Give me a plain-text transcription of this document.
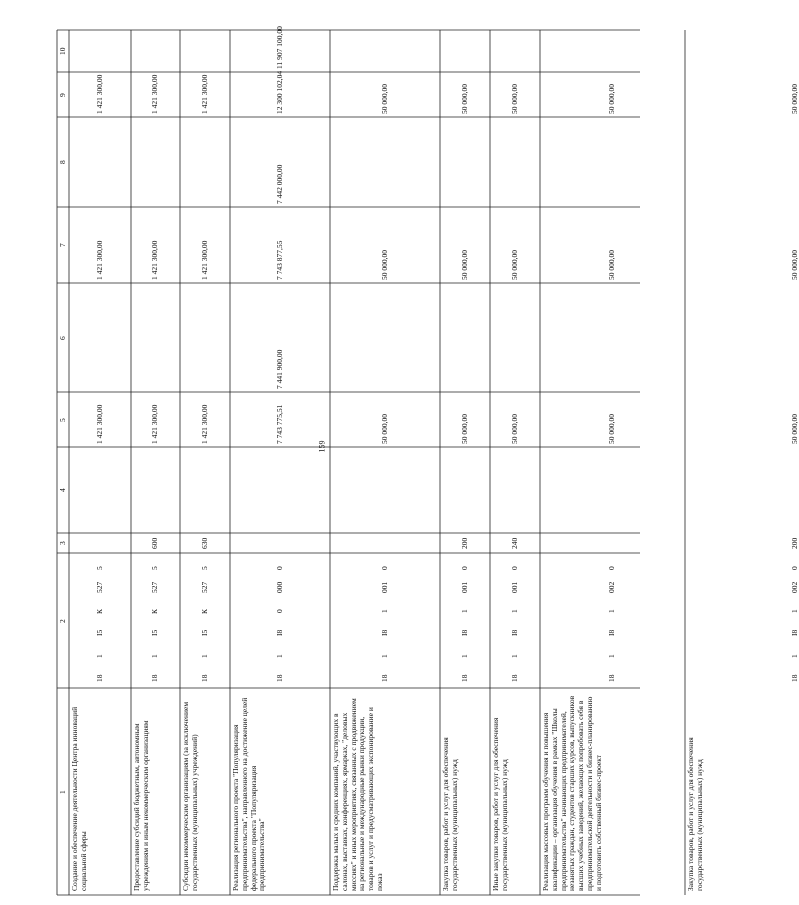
159
1
2
3
4
5
6
7
8
9
10
Создание и обеспечение деятельности Центра инноваций социальной сферы
18
1
I5
К
527
5
1 421 300,00
1 421 300,00
1 421 300,00
Предоставление субсидий бюджетным, автономным учреждениям и иным некоммерческим организациям
18
1
I5
К
527
5
600
1 421 300,00
1 421 300,00
1 421 300,00
Субсидии некоммерческим организациям (за исключением государственных (муниципальных) учреждений)
18
1
I5
К
527
5
630
1 421 300,00
1 421 300,00
1 421 300,00
Реализация регионального проекта "Популяризация предпринимательства", направленного на достижение целей федерального проекта "Популяризация предпринимательства"
18
1
I8
0
000
0
7 743 775,51
7 441 900,00
7 743 877,55
7 442 000,00
12 300 102,04
11 907 100,00
Поддержка малых и средних компаний, участвующих в салонах, выставках, конференциях, ярмарках, "деловых миссиях" и иных мероприятиях, связанных с продвижением на региональные и международные рынки продукции, товаров и услуг и предусматривающих экспонирование и показ
18
1
I8
1
001
0
50 000,00
50 000,00
50 000,00
Закупка товаров, работ и услуг для обеспечения государственных (муниципальных) нужд
18
1
I8
1
001
0
200
50 000,00
50 000,00
50 000,00
Иные закупки товаров, работ и услуг для обеспечения государственных (муниципальных) нужд
18
1
I8
1
001
0
240
50 000,00
50 000,00
50 000,00
Реализация массовых программ обучения и повышения квалификации – организация обучения в рамках "Школы предпринимательства" начинающих предпринимателей, незанятых граждан, студентов старших курсов, выпускников высших учебных заведений, желающих попробовать себя в предпринимательской деятельности и бизнес-планированию и подготовить собственный бизнес-проект
18
1
I8
1
002
0
50 000,00
50 000,00
50 000,00
Закупка товаров, работ и услуг для обеспечения государственных (муниципальных) нужд
18
1
I8
1
002
0
200
50 000,00
50 000,00
50 000,00
